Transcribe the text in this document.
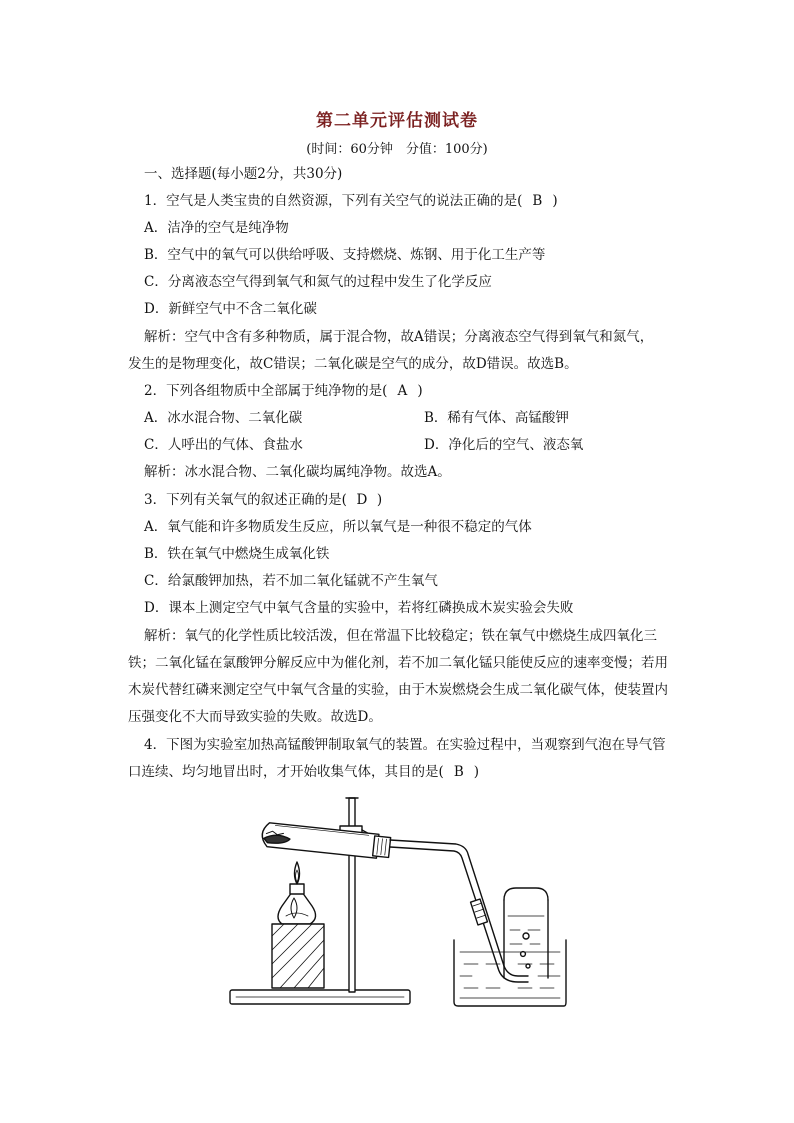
第二单元评估测试卷
(时间：60分钟　分值：100分)
一、选择题(每小题2分，共30分)
1．空气是人类宝贵的自然资源，下列有关空气的说法正确的是( B )
A．洁净的空气是纯净物
B．空气中的氧气可以供给呼吸、支持燃烧、炼钢、用于化工生产等
C．分离液态空气得到氧气和氮气的过程中发生了化学反应
D．新鲜空气中不含二氧化碳
解析：空气中含有多种物质，属于混合物，故A错误；分离液态空气得到氧气和氮气，
发生的是物理变化，故C错误；二氧化碳是空气的成分，故D错误。故选B。
2．下列各组物质中全部属于纯净物的是( A )
A．冰水混合物、二氧化碳	B．稀有气体、高锰酸钾
C．人呼出的气体、食盐水	D．净化后的空气、液态氧
解析：冰水混合物、二氧化碳均属纯净物。故选A。
3．下列有关氧气的叙述正确的是( D )
A．氧气能和许多物质发生反应，所以氧气是一种很不稳定的气体
B．铁在氧气中燃烧生成氧化铁
C．给氯酸钾加热，若不加二氧化锰就不产生氧气
D．课本上测定空气中氧气含量的实验中，若将红磷换成木炭实验会失败
解析：氧气的化学性质比较活泼，但在常温下比较稳定；铁在氧气中燃烧生成四氧化三
铁；二氧化锰在氯酸钾分解反应中为催化剂，若不加二氧化锰只能使反应的速率变慢；若用
木炭代替红磷来测定空气中氧气含量的实验，由于木炭燃烧会生成二氧化碳气体，使装置内
压强变化不大而导致实验的失败。故选D。
4．下图为实验室加热高锰酸钾制取氧气的装置。在实验过程中，当观察到气泡在导气管
口连续、均匀地冒出时，才开始收集气体，其目的是( B )
